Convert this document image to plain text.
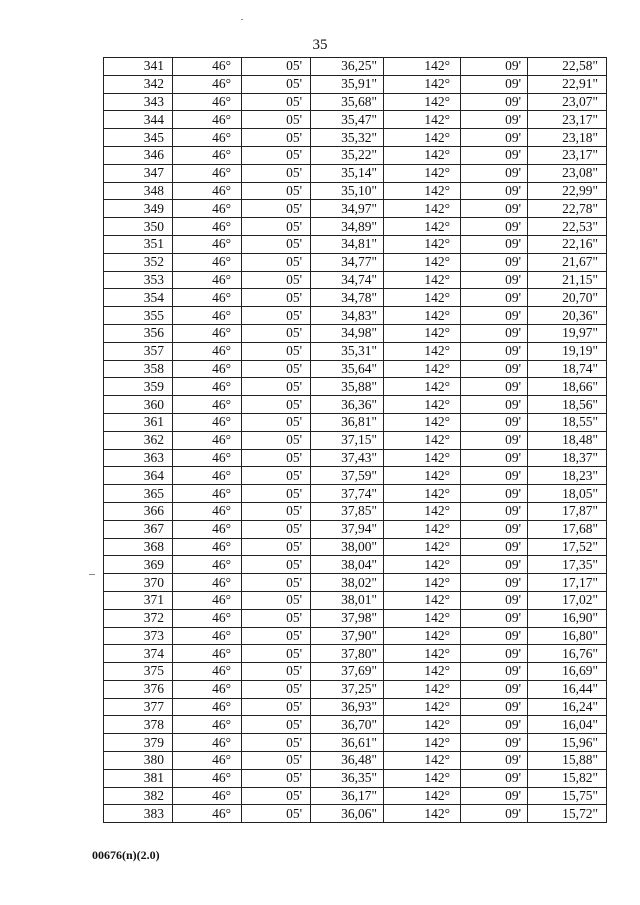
35
341	46°	05'	36,25"	142°	09'	22,58"
342	46°	05'	35,91"	142°	09'	22,91"
343	46°	05'	35,68"	142°	09'	23,07"
344	46°	05'	35,47"	142°	09'	23,17"
345	46°	05'	35,32"	142°	09'	23,18"
346	46°	05'	35,22"	142°	09'	23,17"
347	46°	05'	35,14"	142°	09'	23,08"
348	46°	05'	35,10"	142°	09'	22,99"
349	46°	05'	34,97"	142°	09'	22,78"
350	46°	05'	34,89"	142°	09'	22,53"
351	46°	05'	34,81"	142°	09'	22,16"
352	46°	05'	34,77"	142°	09'	21,67"
353	46°	05'	34,74"	142°	09'	21,15"
354	46°	05'	34,78"	142°	09'	20,70"
355	46°	05'	34,83"	142°	09'	20,36"
356	46°	05'	34,98"	142°	09'	19,97"
357	46°	05'	35,31"	142°	09'	19,19"
358	46°	05'	35,64"	142°	09'	18,74"
359	46°	05'	35,88"	142°	09'	18,66"
360	46°	05'	36,36"	142°	09'	18,56"
361	46°	05'	36,81"	142°	09'	18,55"
362	46°	05'	37,15"	142°	09'	18,48"
363	46°	05'	37,43"	142°	09'	18,37"
364	46°	05'	37,59"	142°	09'	18,23"
365	46°	05'	37,74"	142°	09'	18,05"
366	46°	05'	37,85"	142°	09'	17,87"
367	46°	05'	37,94"	142°	09'	17,68"
368	46°	05'	38,00"	142°	09'	17,52"
369	46°	05'	38,04"	142°	09'	17,35"
370	46°	05'	38,02"	142°	09'	17,17"
371	46°	05'	38,01"	142°	09'	17,02"
372	46°	05'	37,98"	142°	09'	16,90"
373	46°	05'	37,90"	142°	09'	16,80"
374	46°	05'	37,80"	142°	09'	16,76"
375	46°	05'	37,69"	142°	09'	16,69"
376	46°	05'	37,25"	142°	09'	16,44"
377	46°	05'	36,93"	142°	09'	16,24"
378	46°	05'	36,70"	142°	09'	16,04"
379	46°	05'	36,61"	142°	09'	15,96"
380	46°	05'	36,48"	142°	09'	15,88"
381	46°	05'	36,35"	142°	09'	15,82"
382	46°	05'	36,17"	142°	09'	15,75"
383	46°	05'	36,06"	142°	09'	15,72"
00676(n)(2.0)
